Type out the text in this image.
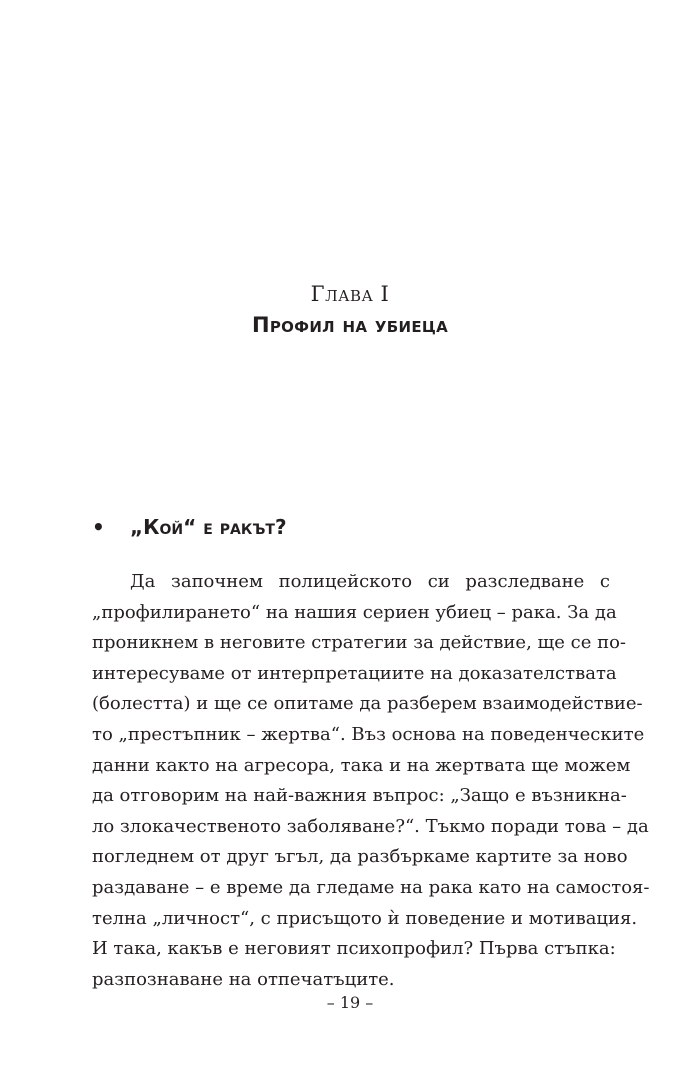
Глава I
Профил на убиеца
• „Кой“ е ракът?
Да започнем полицейското си разследване с
„профилирането“ на нашия сериен убиец – рака. За да
проникнем в неговите стратегии за действие, ще се по-
интересуваме от интерпретациите на доказателствата
(болестта) и ще се опитаме да разберем взаимодействие-
то „престъпник – жертва“. Въз основа на поведенческите
данни както на агресора, така и на жертвата ще можем
да отговорим на най-важния въпрос: „Защо е възникна-
ло злокачественото заболяване?“. Тъкмо поради това – да
погледнем от друг ъгъл, да разбъркаме картите за ново
раздаване – е време да гледаме на рака като на самостоя-
телна „личност“, с присъщото ѝ поведение и мотивация.
И така, какъв е неговият психопрофил? Първа стъпка:
разпознаване на отпечатъците.
– 19 –
